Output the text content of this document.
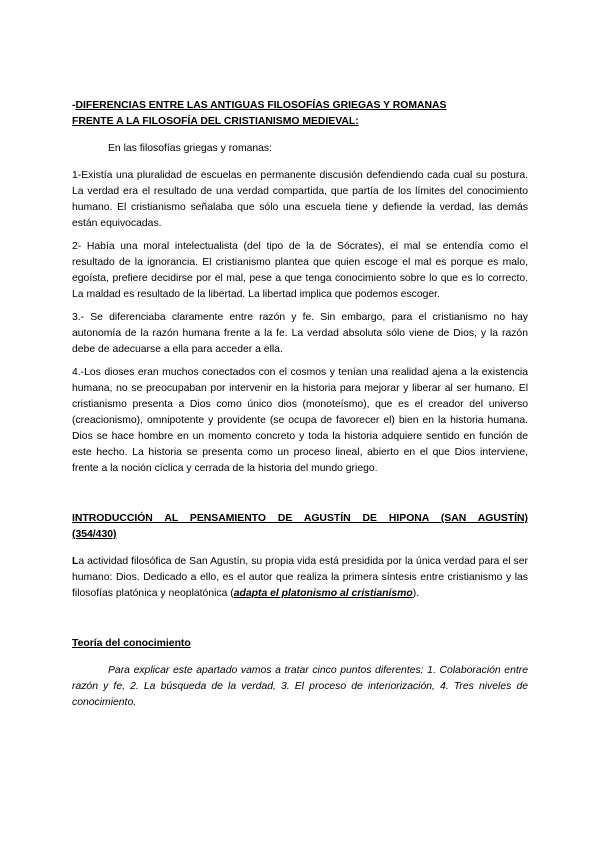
-DIFERENCIAS ENTRE LAS ANTIGUAS FILOSOFÍAS GRIEGAS Y ROMANAS
FRENTE A LA FILOSOFÍA DEL CRISTIANISMO MEDIEVAL:

En las filosofías griegas y romanas:

1-Existía una pluralidad de escuelas en permanente discusión defendiendo cada cual su postura. La verdad era el resultado de una verdad compartida, que partía de los límites del conocimiento humano. El cristianismo señalaba que sólo una escuela tiene y defiende la verdad, las demás están equivocadas.

2- Había una moral intelectualista (del tipo de la de Sócrates), el mal se entendía como el resultado de la ignorancia. El cristianismo plantea que quien escoge el mal es porque es malo, egoísta, prefiere decidirse por el mal, pese a que tenga conocimiento sobre lo que es lo correcto. La maldad es resultado de la libertad. La libertad implica que podemos escoger.

3.- Se diferenciaba claramente entre razón y fe. Sin embargo, para el cristianismo no hay autonomía de la razón humana frente a la fe. La verdad absoluta sólo viene de Dios, y la razón debe de adecuarse a ella para acceder a ella.

4.-Los dioses eran muchos conectados con el cosmos y tenían una realidad ajena a la existencia humana, no se preocupaban por intervenir en la historia para mejorar y liberar al ser humano. El cristianismo presenta a Dios como único dios (monoteísmo), que es el creador del universo (creacionismo), omnipotente y providente (se ocupa de favorecer el) bien en la historia humana. Dios se hace hombre en un momento concreto y toda la historia adquiere sentido en función de este hecho. La historia se presenta como un proceso lineal, abierto en el que Dios interviene, frente a la noción cíclica y cerrada de la historia del mundo griego.

INTRODUCCIÓN AL PENSAMIENTO DE AGUSTÍN DE HIPONA (SAN AGUSTÍN)

(354/430)

La actividad filosófica de San Agustín, su propia vida está presidida por la única verdad para el ser humano: Dios. Dedicado a ello, es el autor que realiza la primera síntesis entre cristianismo y las filosofías platónica y neoplatónica (adapta el platonismo al cristianismo).

Teoría del conocimiento

Para explicar este apartado vamos a tratar cinco puntos diferentes: 1. Colaboración entre razón y fe, 2. La búsqueda de la verdad, 3. El proceso de interiorización, 4. Tres niveles de conocimiento.
